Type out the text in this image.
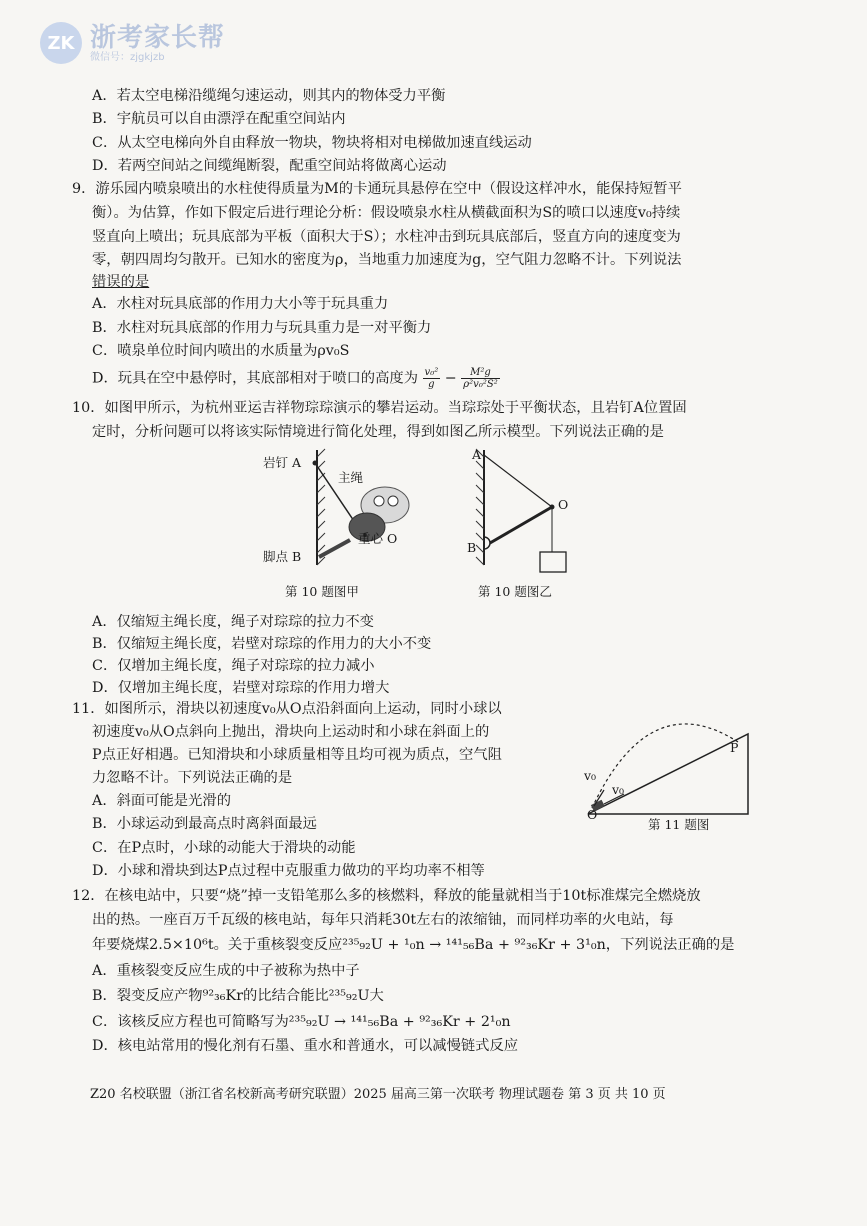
ZK 浙考家长帮
微信号：zjgkjzb
A．若太空电梯沿缆绳匀速运动，则其内的物体受力平衡
B．宇航员可以自由漂浮在配重空间站内
C．从太空电梯向外自由释放一物块，物块将相对电梯做加速直线运动
D．若两空间站之间缆绳断裂，配重空间站将做离心运动
9．游乐园内喷泉喷出的水柱使得质量为M的卡通玩具悬停在空中（假设这样冲水，能保持短暂平
衡）。为估算，作如下假定后进行理论分析：假设喷泉水柱从横截面积为S的喷口以速度v₀持续
竖直向上喷出；玩具底部为平板（面积大于S）；水柱冲击到玩具底部后，竖直方向的速度变为
零，朝四周均匀散开。已知水的密度为ρ，当地重力加速度为g，空气阻力忽略不计。下列说法
错误的是
A．水柱对玩具底部的作用力大小等于玩具重力
B．水柱对玩具底部的作用力与玩具重力是一对平衡力
C．喷泉单位时间内喷出的水质量为ρv₀S
D．玩具在空中悬停时，其底部相对于喷口的高度为 $\frac{\text{v₀²}}{g} - \frac{\text{M²g}}{\text{ρ²v₀²S²}}$
10．如图甲所示，为杭州亚运吉祥物琮琮演示的攀岩运动。当琮琮处于平衡状态，且岩钉A位置固
定时，分析问题可以将该实际情境进行简化处理，得到如图乙所示模型。下列说法正确的是
岩钉 A
主绳
脚点 B
重心 O
第 10 题图甲
A
B
O
第 10 题图乙
A．仅缩短主绳长度，绳子对琮琮的拉力不变
B．仅缩短主绳长度，岩壁对琮琮的作用力的大小不变
C．仅增加主绳长度，绳子对琮琮的拉力减小
D．仅增加主绳长度，岩壁对琮琮的作用力增大
11．如图所示，滑块以初速度v₀从O点沿斜面向上运动，同时小球以
初速度v₀从O点斜向上抛出，滑块向上运动时和小球在斜面上的
P点正好相遇。已知滑块和小球质量相等且均可视为质点，空气阻
力忽略不计。下列说法正确的是
A．斜面可能是光滑的
B．小球运动到最高点时离斜面最远
C．在P点时，小球的动能大于滑块的动能
D．小球和滑块到达P点过程中克服重力做功的平均功率不相等
v₀
v₀
O
P
第 11 题图
12．在核电站中，只要“烧”掉一支铅笔那么多的核燃料，释放的能量就相当于10t标准煤完全燃烧放
出的热。一座百万千瓦级的核电站，每年只消耗30t左右的浓缩铀，而同样功率的火电站，每
年要烧煤2.5×10⁶t。关于重核裂变反应²³⁵₉₂U + ¹₀n → ¹⁴¹₅₆Ba + ⁹²₃₆Kr + 3¹₀n，下列说法正确的是
A．重核裂变反应生成的中子被称为热中子
B．裂变反应产物⁹²₃₆Kr的比结合能比²³⁵₉₂U大
C．该核反应方程也可简略写为²³⁵₉₂U → ¹⁴¹₅₆Ba + ⁹²₃₆Kr + 2¹₀n
D．核电站常用的慢化剂有石墨、重水和普通水，可以减慢链式反应
Z20 名校联盟（浙江省名校新高考研究联盟）2025 届高三第一次联考 物理试题卷 第 3 页 共 10 页
